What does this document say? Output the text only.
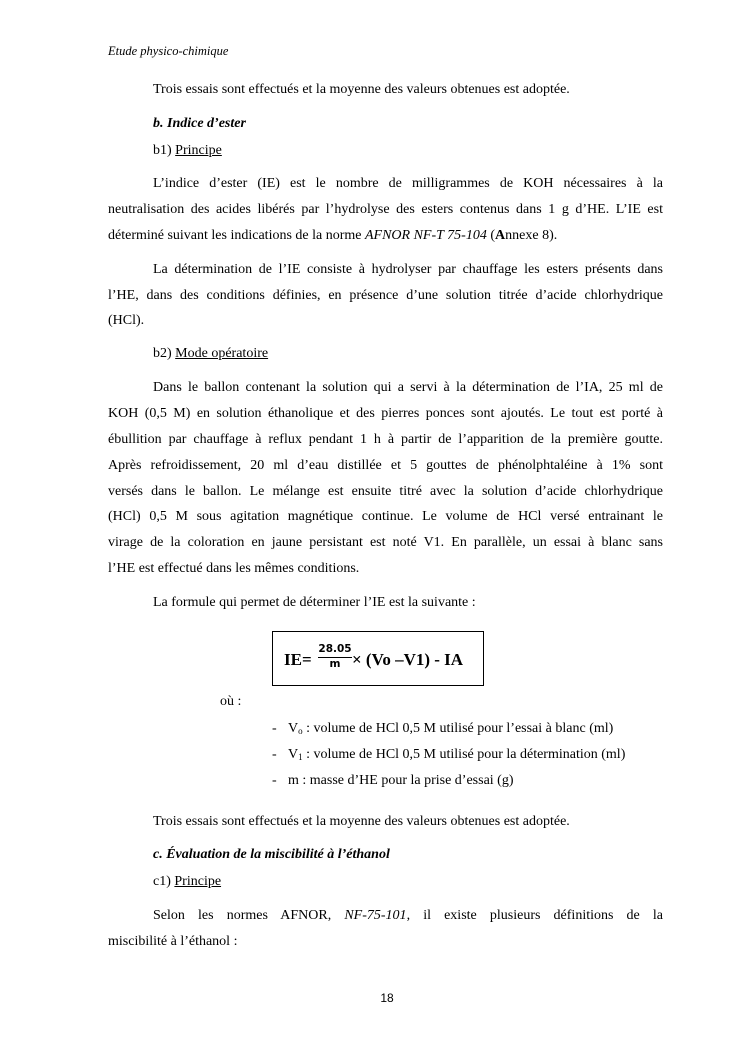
Etude physico-chimique
Trois essais sont effectués et la moyenne des valeurs obtenues est adoptée.
b. Indice d’ester
b1) Principe
L’indice d’ester (IE) est le nombre de milligrammes de KOH nécessaires à la
neutralisation des acides libérés par l’hydrolyse des esters contenus dans 1 g d’HE. L’IE est
déterminé suivant les indications de la norme AFNOR NF-T 75-104 (Annexe 8).
La détermination de l’IE consiste à hydrolyser par chauffage les esters présents dans
l’HE, dans des conditions définies, en présence d’une solution titrée d’acide chlorhydrique
(HCl).
b2) Mode opératoire
Dans le ballon contenant la solution qui a servi à la détermination de l’IA, 25 ml de
KOH (0,5 M) en solution éthanolique et des pierres ponces sont ajoutés. Le tout est porté à
ébullition par chauffage à reflux pendant 1 h à partir de l’apparition de la première goutte.
Après refroidissement, 20 ml d’eau distillée et 5 gouttes de phénolphtaléine à 1% sont
versés dans le ballon. Le mélange est ensuite titré avec la solution d’acide chlorhydrique
(HCl) 0,5 M sous agitation magnétique continue. Le volume de HCl versé entrainant le
virage de la coloration en jaune persistant est noté V1. En parallèle, un essai à blanc sans
l’HE est effectué dans les mêmes conditions.
La formule qui permet de déterminer l’IE est la suivante :
$IE= \frac{28.05}{m} \times (Vo$ –V1) - IA
où :
- $V_o$ : volume de HCl 0,5 M utilisé pour l’essai à blanc (ml)
- $V_1$ : volume de HCl 0,5 M utilisé pour la détermination (ml)
- m : masse d’HE pour la prise d’essai (g)
Trois essais sont effectués et la moyenne des valeurs obtenues est adoptée.
c. Évaluation de la miscibilité à l’éthanol
c1) Principe
Selon les normes AFNOR, NF-75-101, il existe plusieurs définitions de la
miscibilité à l’éthanol :
18
